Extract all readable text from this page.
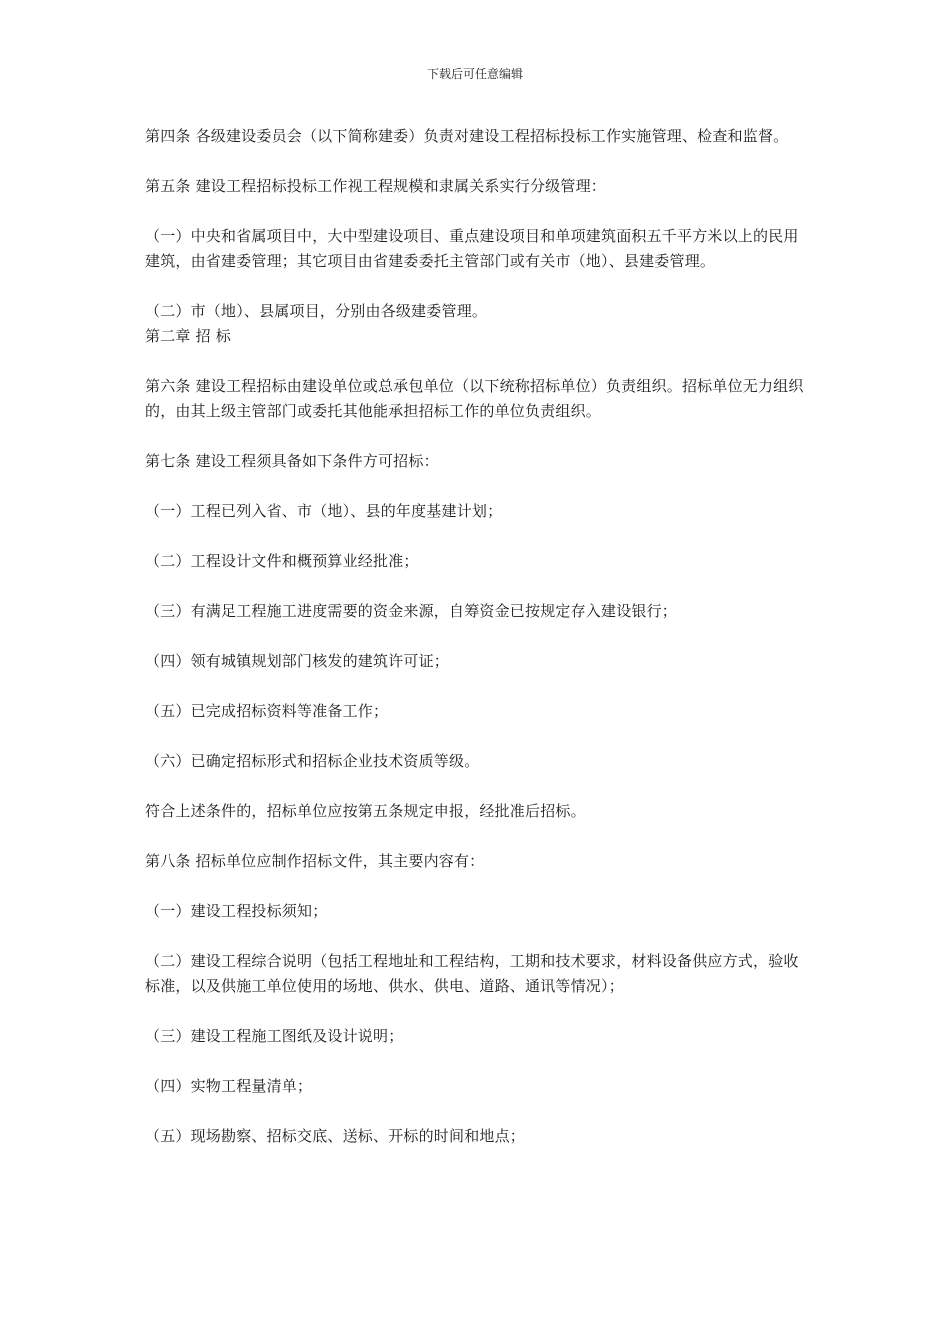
下载后可任意编辑

第四条 各级建设委员会（以下简称建委）负责对建设工程招标投标工作实施管理、检查和监督。

第五条 建设工程招标投标工作视工程规模和隶属关系实行分级管理：

（一）中央和省属项目中，大中型建设项目、重点建设项目和单项建筑面积五千平方米以上的民用建筑，由省建委管理；其它项目由省建委委托主管部门或有关市（地）、县建委管理。

（二）市（地）、县属项目，分别由各级建委管理。

第二章 招 标

第六条 建设工程招标由建设单位或总承包单位（以下统称招标单位）负责组织。招标单位无力组织的，由其上级主管部门或委托其他能承担招标工作的单位负责组织。

第七条 建设工程须具备如下条件方可招标：

（一）工程已列入省、市（地）、县的年度基建计划；

（二）工程设计文件和概预算业经批准；

（三）有满足工程施工进度需要的资金来源，自筹资金已按规定存入建设银行；

（四）领有城镇规划部门核发的建筑许可证；

（五）已完成招标资料等准备工作；

（六）已确定招标形式和招标企业技术资质等级。

符合上述条件的，招标单位应按第五条规定申报，经批准后招标。

第八条 招标单位应制作招标文件，其主要内容有：

（一）建设工程投标须知；

（二）建设工程综合说明（包括工程地址和工程结构，工期和技术要求，材料设备供应方式，验收标准，以及供施工单位使用的场地、供水、供电、道路、通讯等情况）；

（三）建设工程施工图纸及设计说明；

（四）实物工程量清单；

（五）现场勘察、招标交底、送标、开标的时间和地点；
